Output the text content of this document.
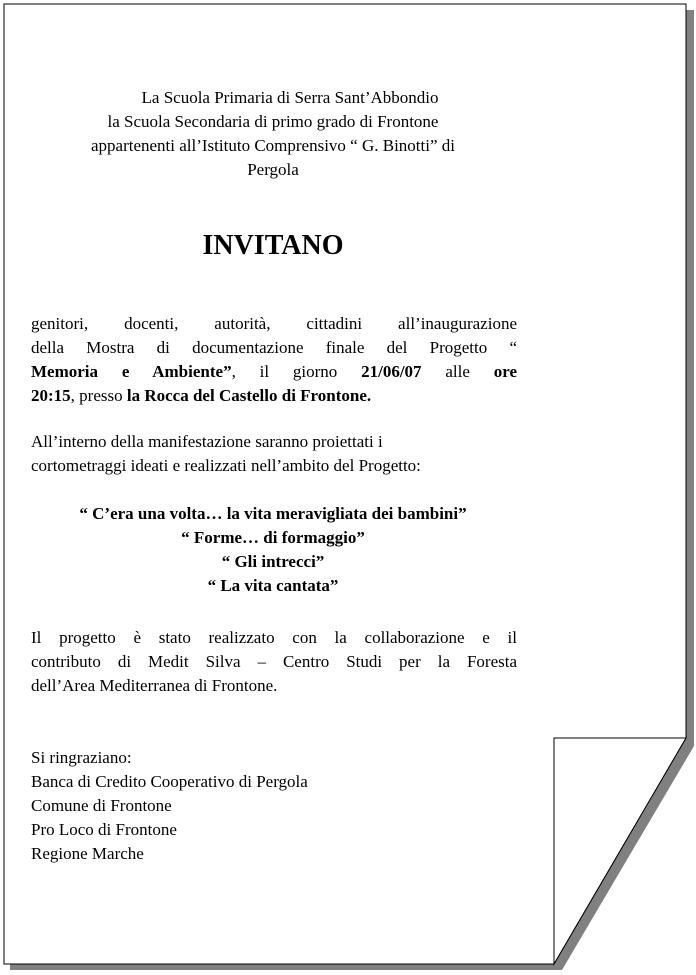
La Scuola Primaria di Serra Sant’Abbondio
la Scuola Secondaria di primo grado di Frontone
appartenenti all’Istituto Comprensivo “ G. Binotti” di
Pergola
INVITANO
genitori, docenti, autorità, cittadini all’inaugurazione
della Mostra di documentazione finale del Progetto “
Memoria e Ambiente”, il giorno 21/06/07 alle ore
20:15, presso la Rocca del Castello di Frontone.
All’interno della manifestazione saranno proiettati i
cortometraggi ideati e realizzati nell’ambito del Progetto:
“ C’era una volta… la vita meravigliata dei bambini”
“ Forme… di formaggio”
“ Gli intrecci”
“ La vita cantata”
Il progetto è stato realizzato con la collaborazione e il
contributo di Medit Silva – Centro Studi per la Foresta
dell’Area Mediterranea di Frontone.
Si ringraziano:
Banca di Credito Cooperativo di Pergola
Comune di Frontone
Pro Loco di Frontone
Regione Marche
